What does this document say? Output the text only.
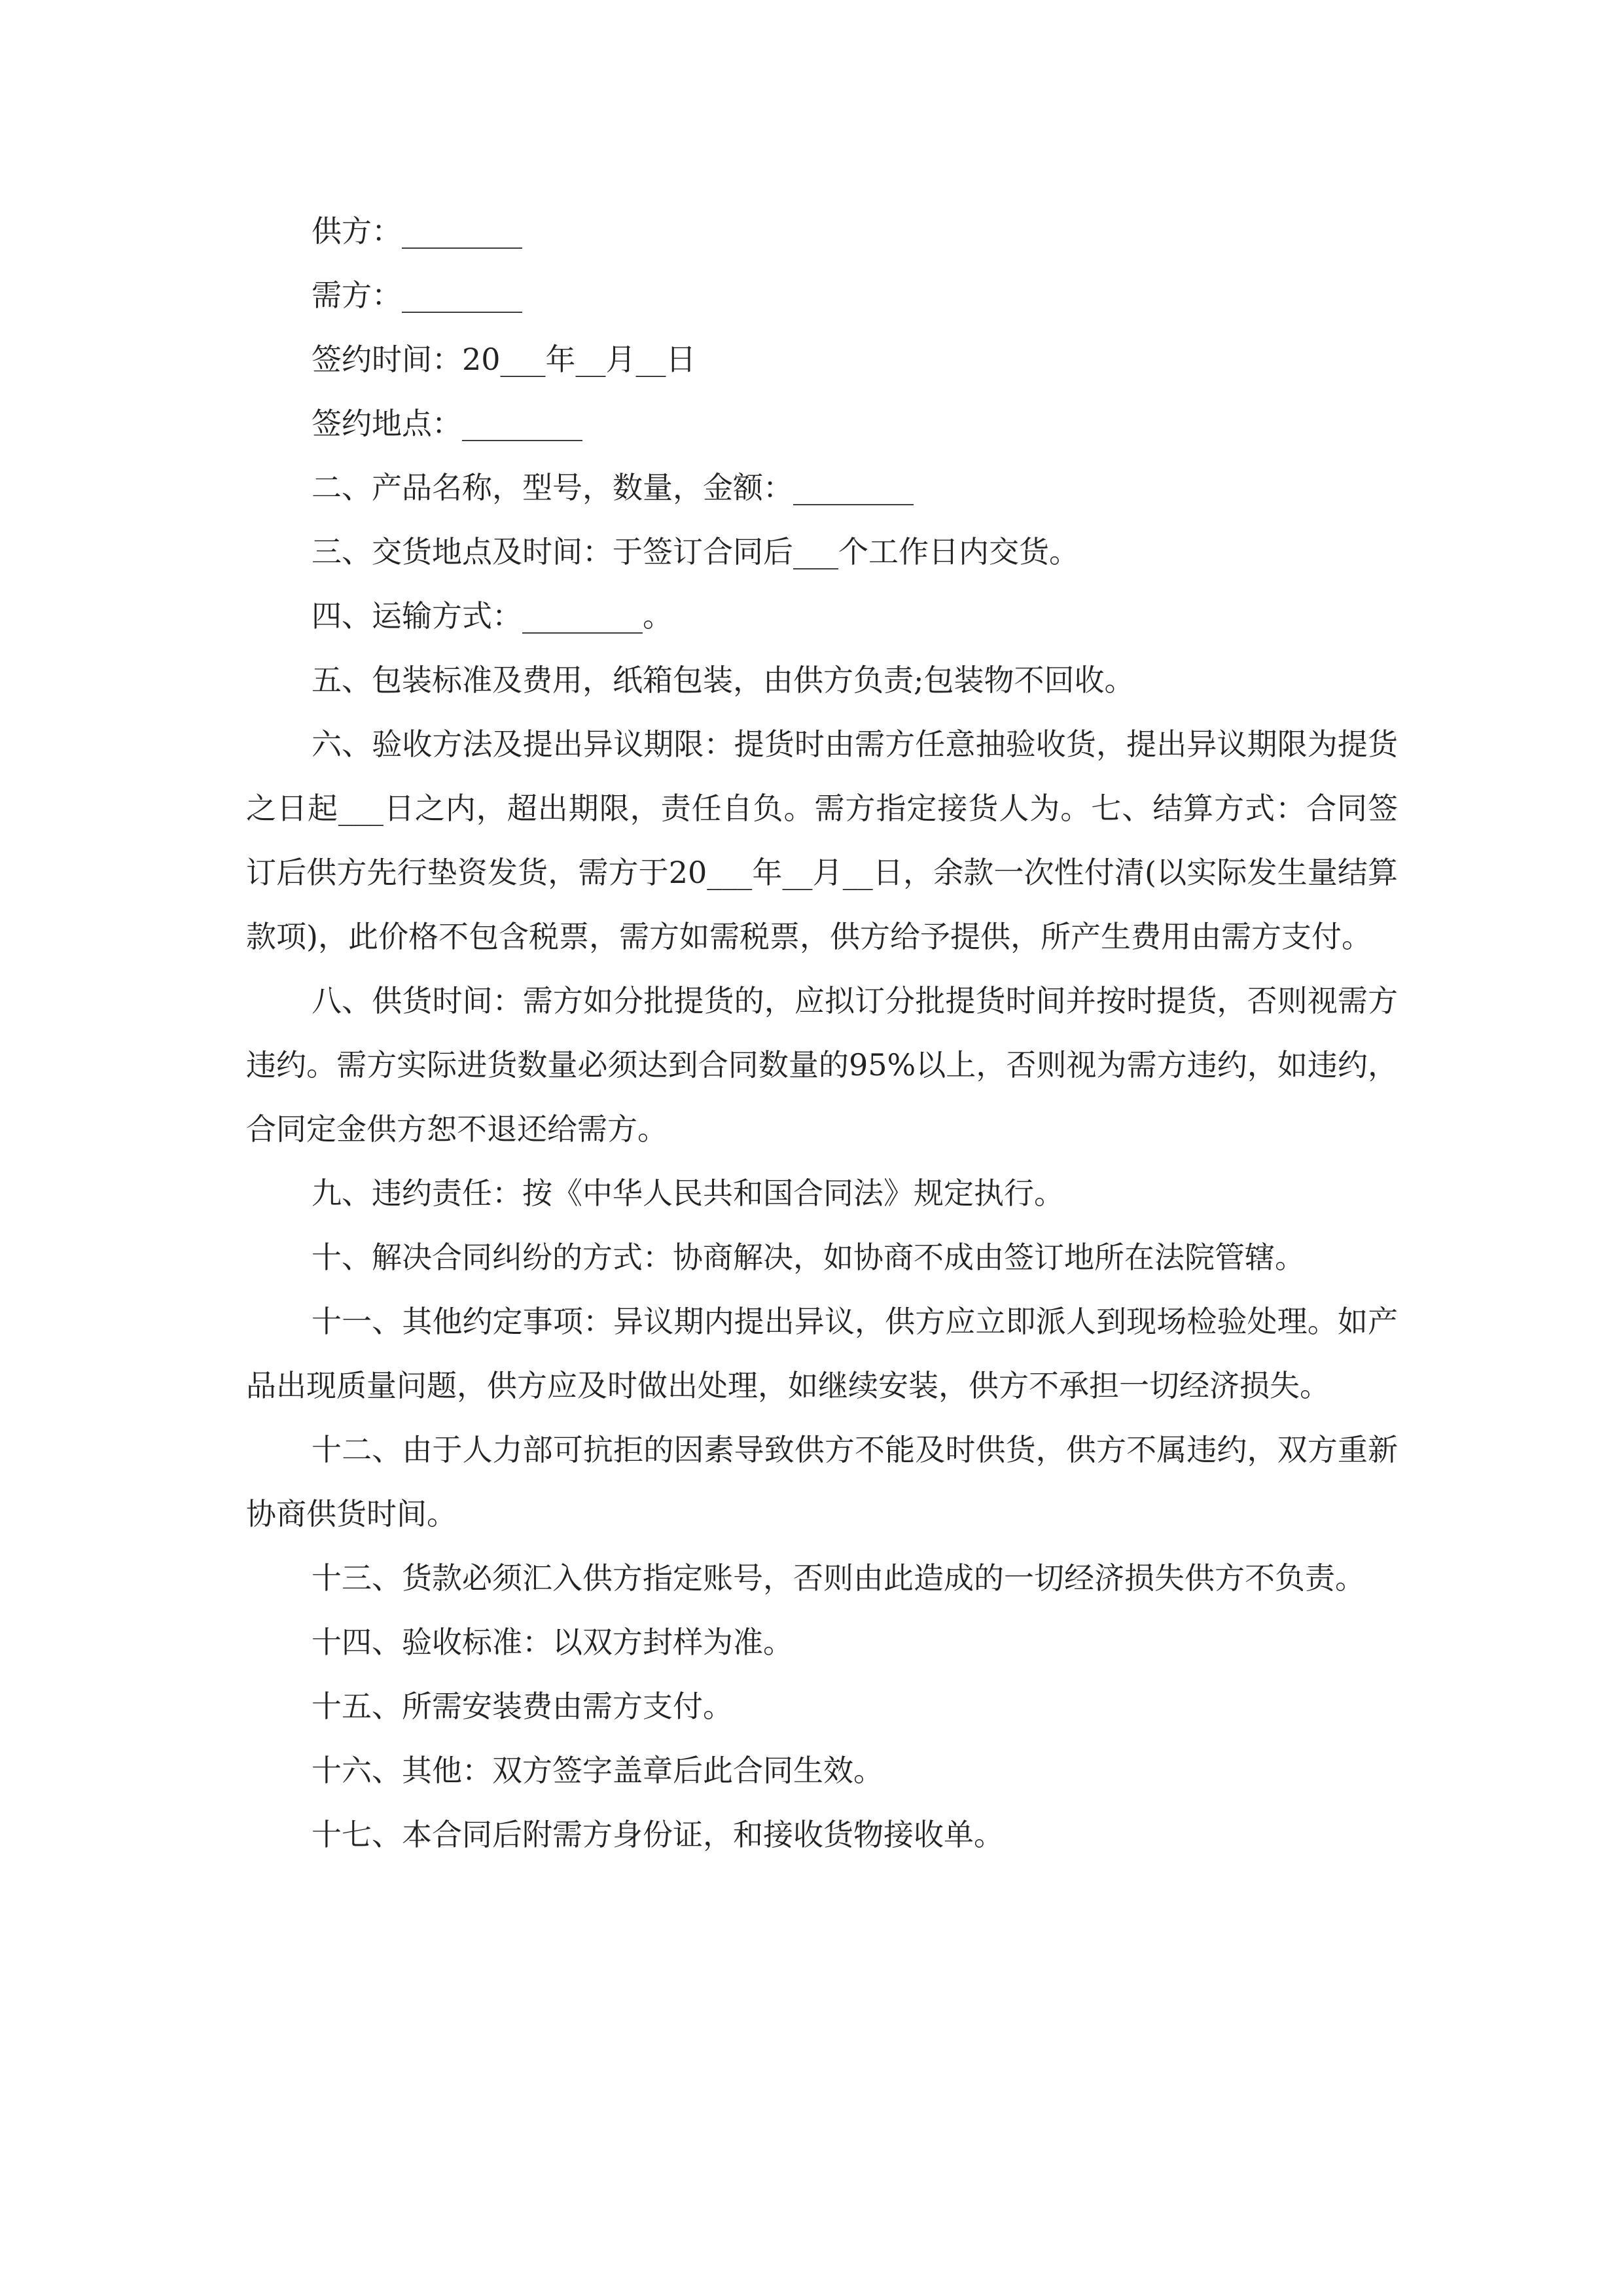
供方：________

需方：________

签约时间：20___年__月__日

签约地点：________

二、产品名称，型号，数量，金额：________

三、交货地点及时间：于签订合同后___个工作日内交货。

四、运输方式：________。

五、包装标准及费用，纸箱包装，由供方负责;包装物不回收。

六、验收方法及提出异议期限：提货时由需方任意抽验收货，提出异议期限为提货之日起___日之内，超出期限，责任自负。需方指定接货人为。七、结算方式：合同签订后供方先行垫资发货，需方于20___年__月__日，余款一次性付清(以实际发生量结算款项)，此价格不包含税票，需方如需税票，供方给予提供，所产生费用由需方支付。

八、供货时间：需方如分批提货的，应拟订分批提货时间并按时提货，否则视需方违约。需方实际进货数量必须达到合同数量的95%以上，否则视为需方违约，如违约，合同定金供方恕不退还给需方。

九、违约责任：按《中华人民共和国合同法》规定执行。

十、解决合同纠纷的方式：协商解决，如协商不成由签订地所在法院管辖。

十一、其他约定事项：异议期内提出异议，供方应立即派人到现场检验处理。如产品出现质量问题，供方应及时做出处理，如继续安装，供方不承担一切经济损失。

十二、由于人力部可抗拒的因素导致供方不能及时供货，供方不属违约，双方重新协商供货时间。

十三、货款必须汇入供方指定账号，否则由此造成的一切经济损失供方不负责。

十四、验收标准：以双方封样为准。

十五、所需安装费由需方支付。

十六、其他：双方签字盖章后此合同生效。

十七、本合同后附需方身份证，和接收货物接收单。
